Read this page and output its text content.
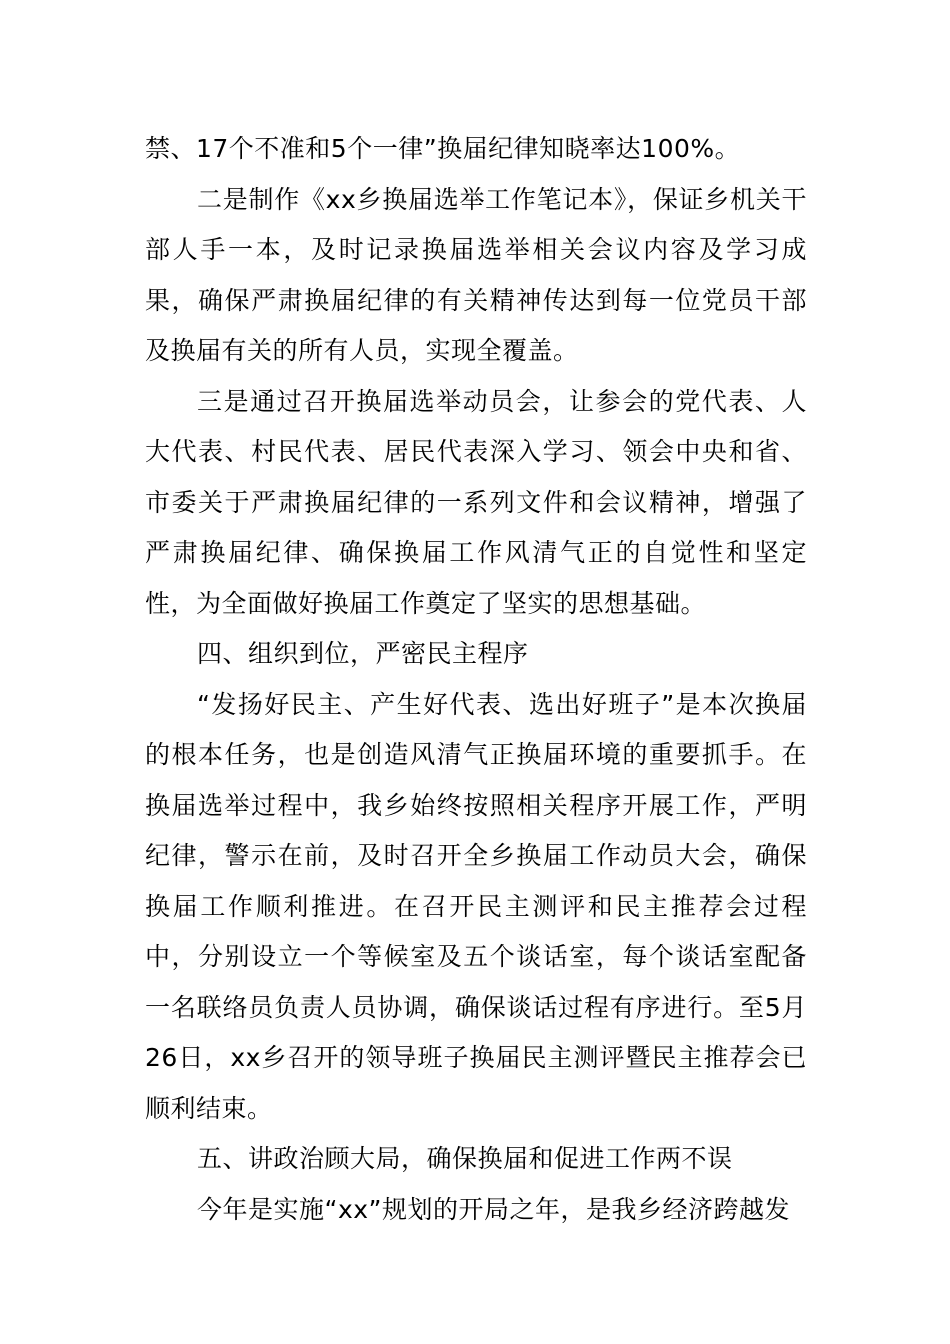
禁、17个不准和5个一律”换届纪律知晓率达100%。

二是制作《xx乡换届选举工作笔记本》，保证乡机关干部人手一本，及时记录换届选举相关会议内容及学习成果，确保严肃换届纪律的有关精神传达到每一位党员干部及换届有关的所有人员，实现全覆盖。

三是通过召开换届选举动员会，让参会的党代表、人大代表、村民代表、居民代表深入学习、领会中央和省、市委关于严肃换届纪律的一系列文件和会议精神，增强了严肃换届纪律、确保换届工作风清气正的自觉性和坚定性，为全面做好换届工作奠定了坚实的思想基础。

四、组织到位，严密民主程序

“发扬好民主、产生好代表、选出好班子”是本次换届的根本任务，也是创造风清气正换届环境的重要抓手。在换届选举过程中，我乡始终按照相关程序开展工作，严明纪律，警示在前，及时召开全乡换届工作动员大会，确保换届工作顺利推进。在召开民主测评和民主推荐会过程中，分别设立一个等候室及五个谈话室，每个谈话室配备一名联络员负责人员协调，确保谈话过程有序进行。至5月26日，xx乡召开的领导班子换届民主测评暨民主推荐会已顺利结束。

五、讲政治顾大局，确保换届和促进工作两不误

今年是实施“xx”规划的开局之年，是我乡经济跨越发
